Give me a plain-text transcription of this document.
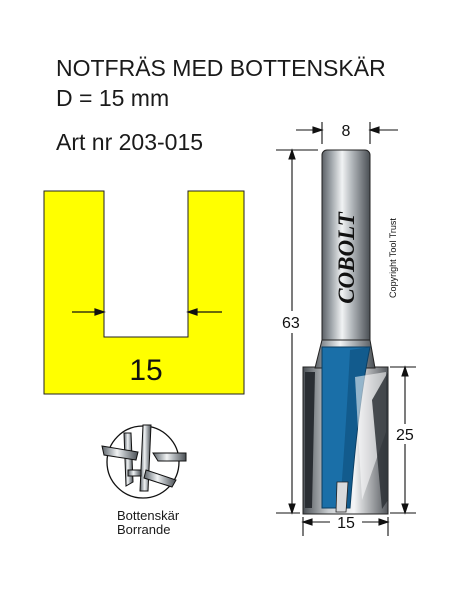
NOTFRÄS MED BOTTENSKÄR
D = 15 mm
Art nr 203-015
15
COBOLT	Copyright Tool Trust
8
63
25
15
Bottenskär
Borrande
